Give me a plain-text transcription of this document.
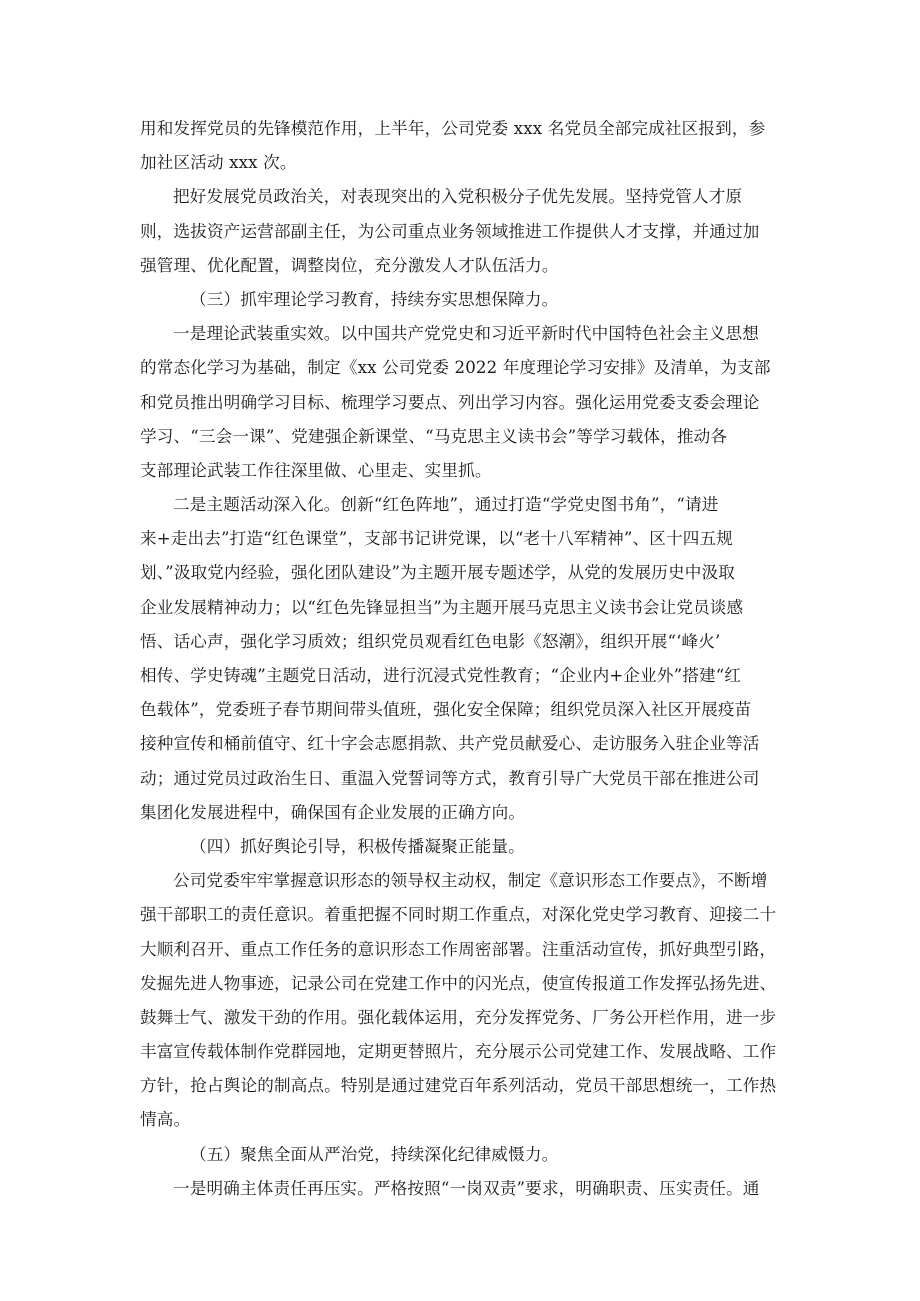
用和发挥党员的先锋模范作用，上半年，公司党委 xxx 名党员全部完成社区报到，参
加社区活动 xxx 次。
把好发展党员政治关，对表现突出的入党积极分子优先发展。坚持党管人才原
则，选拔资产运营部副主任，为公司重点业务领域推进工作提供人才支撑，并通过加
强管理、优化配置，调整岗位，充分激发人才队伍活力。
（三）抓牢理论学习教育，持续夯实思想保障力。
一是理论武装重实效。以中国共产党党史和习近平新时代中国特色社会主义思想
的常态化学习为基础，制定《xx 公司党委 2022 年度理论学习安排》及清单，为支部
和党员推出明确学习目标、梳理学习要点、列出学习内容。强化运用党委支委会理论
学习、“三会一课”、党建强企新课堂、“马克思主义读书会”等学习载体，推动各
支部理论武装工作往深里做、心里走、实里抓。
二是主题活动深入化。创新“红色阵地”，通过打造“学党史图书角”，“请进
来+走出去”打造“红色课堂”，支部书记讲党课，以“老十八军精神”、区十四五规
划、”汲取党内经验，强化团队建设”为主题开展专题述学，从党的发展历史中汲取
企业发展精神动力；以“红色先锋显担当”为主题开展马克思主义读书会让党员谈感
悟、话心声，强化学习质效；组织党员观看红色电影《怒潮》，组织开展“‘峰火’
相传、学史铸魂”主题党日活动，进行沉浸式党性教育；“企业内+企业外”搭建“红
色载体”，党委班子春节期间带头值班，强化安全保障；组织党员深入社区开展疫苗
接种宣传和桶前值守、红十字会志愿捐款、共产党员献爱心、走访服务入驻企业等活
动；通过党员过政治生日、重温入党誓词等方式，教育引导广大党员干部在推进公司
集团化发展进程中，确保国有企业发展的正确方向。
（四）抓好舆论引导，积极传播凝聚正能量。
公司党委牢牢掌握意识形态的领导权主动权，制定《意识形态工作要点》，不断增
强干部职工的责任意识。着重把握不同时期工作重点，对深化党史学习教育、迎接二十
大顺利召开、重点工作任务的意识形态工作周密部署。注重活动宣传，抓好典型引路，
发掘先进人物事迹，记录公司在党建工作中的闪光点，使宣传报道工作发挥弘扬先进、
鼓舞士气、激发干劲的作用。强化载体运用，充分发挥党务、厂务公开栏作用，进一步
丰富宣传载体制作党群园地，定期更替照片，充分展示公司党建工作、发展战略、工作
方针，抢占舆论的制高点。特别是通过建党百年系列活动，党员干部思想统一，工作热
情高。
（五）聚焦全面从严治党，持续深化纪律威慑力。
一是明确主体责任再压实。严格按照“一岗双责”要求，明确职责、压实责任。通
